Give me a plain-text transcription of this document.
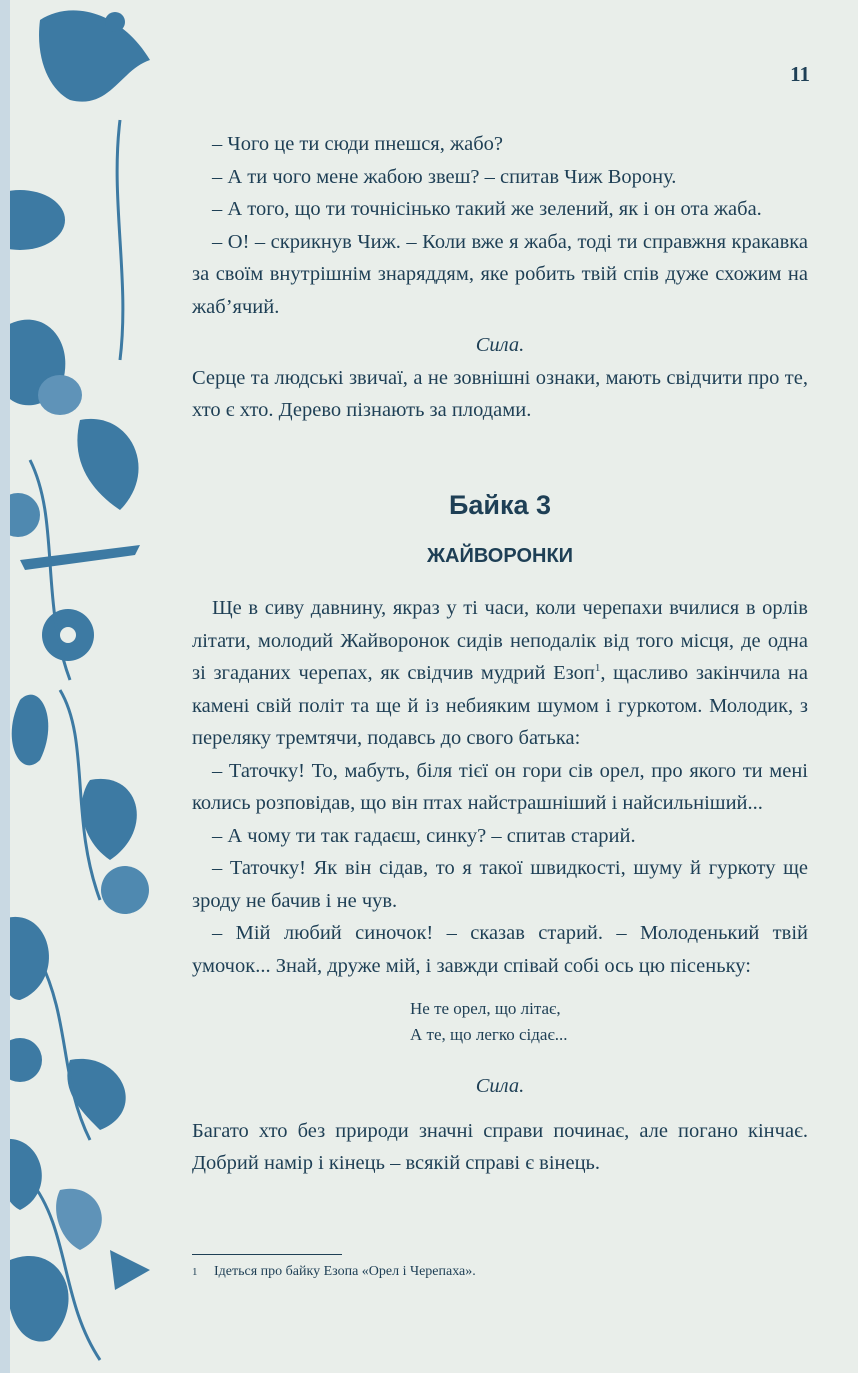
11

– Чого це ти сюди пнешся, жабо?

– А ти чого мене жабою звеш? – спитав Чиж Ворону.

– А того, що ти точнісінько такий же зелений, як і он ота жаба.

– О! – скрикнув Чиж. – Коли вже я жаба, тоді ти справжня кракавка за своїм внутрішнім знаряддям, яке робить твій спів дуже схожим на жаб’ячий.

Сила.

Серце та людські звичаї, а не зовнішні ознаки, мають свідчити про те, хто є хто. Дерево пізнають за плодами.

Байка 3
ЖАЙВОРОНКИ

Ще в сиву давнину, якраз у ті часи, коли черепахи вчилися в орлів літати, молодий Жайворонок сидів неподалік від того місця, де одна зі згаданих черепах, як свідчив мудрий Езоп$^1$, щасливо закінчила на камені свій політ та ще й із небияким шумом і гуркотом. Молодик, з переляку тремтячи, подавсь до свого батька:

– Таточку! То, мабуть, біля тієї он гори сів орел, про якого ти мені колись розповідав, що він птах найстрашніший і найсильніший...

– А чому ти так гадаєш, синку? – спитав старий.

– Таточку! Як він сідав, то я такої швидкості, шуму й гуркоту ще зроду не бачив і не чув.

– Мій любий синочок! – сказав старий. – Молоденький твій умочок... Знай, друже мій, і завжди співай собі ось цю пісеньку:

Не те орел, що літає,

А те, що легко сідає...

Сила.

Багато хто без природи значні справи починає, але погано кінчає. Добрий намір і кінець – всякій справі є вінець.

1 Ідеться про байку Езопа «Орел і Черепаха».
